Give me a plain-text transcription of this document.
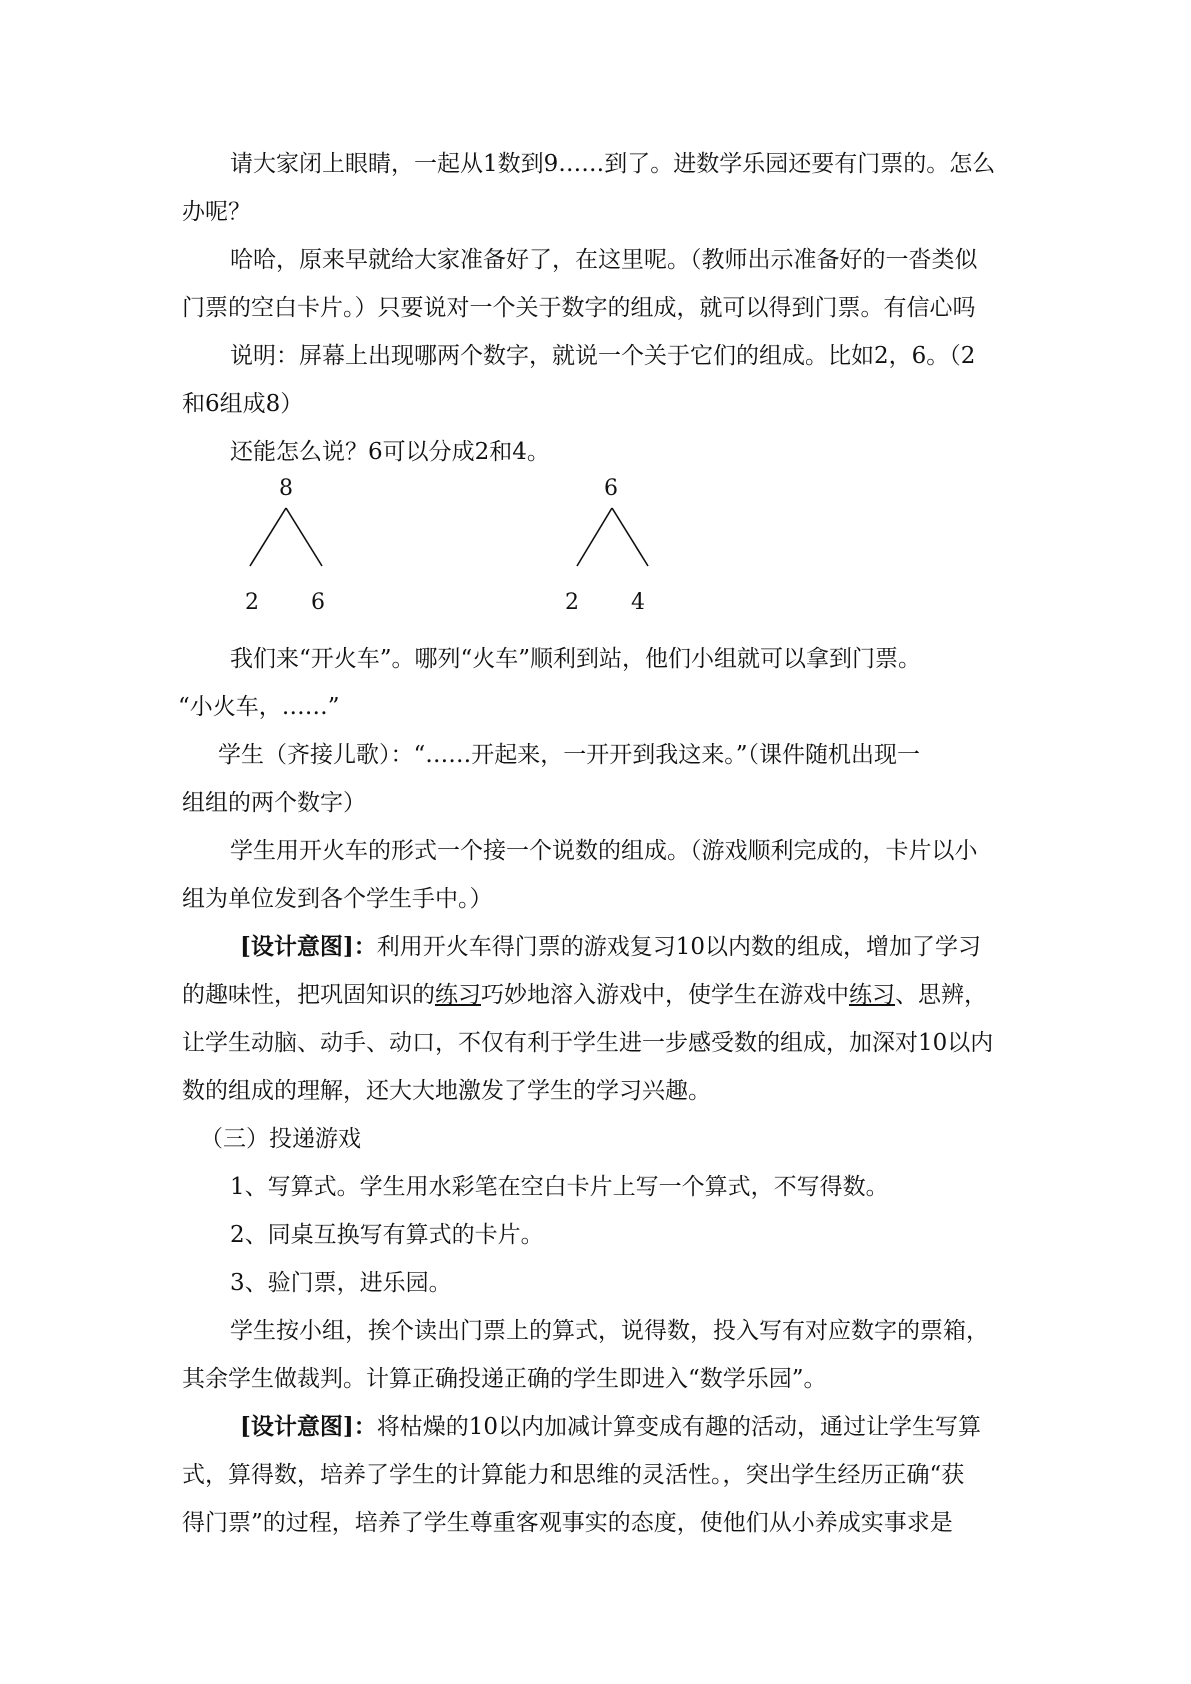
请大家闭上眼睛，一起从1数到9……到了。进数学乐园还要有门票的。怎么
办呢？
哈哈，原来早就给大家准备好了，在这里呢。（教师出示准备好的一沓类似
门票的空白卡片。）只要说对一个关于数字的组成，就可以得到门票。有信心吗
说明：屏幕上出现哪两个数字，就说一个关于它们的组成。比如2，6。（2
和6组成8）
还能怎么说？6可以分成2和4。
8
2 6
6
2 4
我们来“开火车”。哪列“火车”顺利到站，他们小组就可以拿到门票。
“小火车，……”
学生（齐接儿歌）：“……开起来，一开开到我这来。”（课件随机出现一
组组的两个数字）
学生用开火车的形式一个接一个说数的组成。（游戏顺利完成的，卡片以小
组为单位发到各个学生手中。）
[设计意图]：利用开火车得门票的游戏复习10以内数的组成，增加了学习
的趣味性，把巩固知识的练习巧妙地溶入游戏中，使学生在游戏中练习、思辨，
让学生动脑、动手、动口，不仅有利于学生进一步感受数的组成，加深对10以内
数的组成的理解，还大大地激发了学生的学习兴趣。
（三）投递游戏
1、写算式。学生用水彩笔在空白卡片上写一个算式，不写得数。
2、同桌互换写有算式的卡片。
3、验门票，进乐园。
学生按小组，挨个读出门票上的算式，说得数，投入写有对应数字的票箱，
其余学生做裁判。计算正确投递正确的学生即进入“数学乐园”。
[设计意图]：将枯燥的10以内加减计算变成有趣的活动，通过让学生写算
式，算得数，培养了学生的计算能力和思维的灵活性。，突出学生经历正确“获
得门票”的过程，培养了学生尊重客观事实的态度，使他们从小养成实事求是
